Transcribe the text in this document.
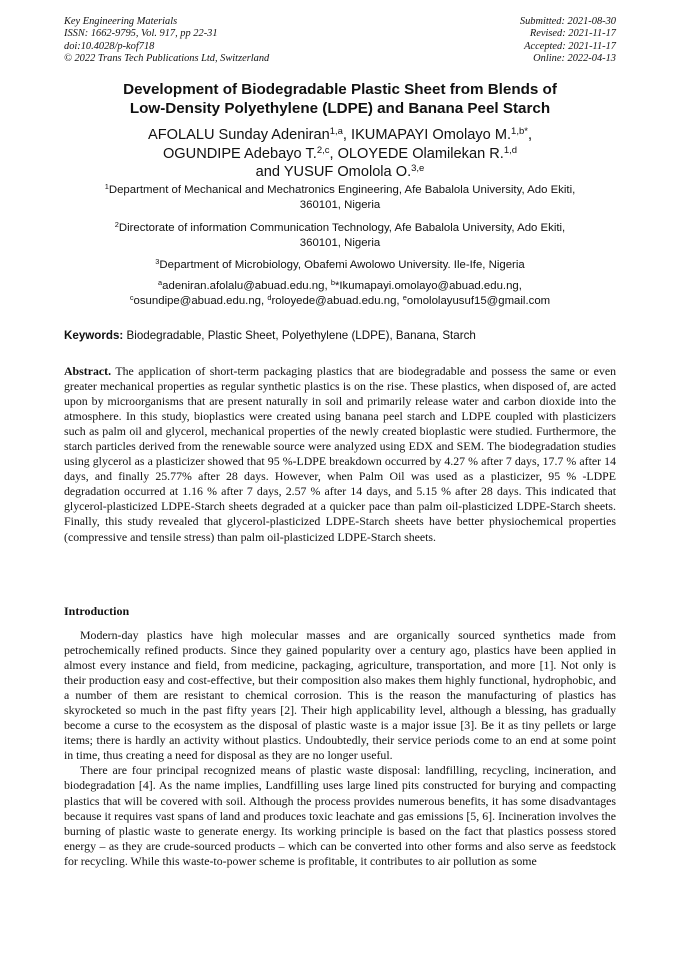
Key Engineering Materials
ISSN: 1662-9795, Vol. 917, pp 22-31
doi:10.4028/p-kof718
© 2022 Trans Tech Publications Ltd, Switzerland
Submitted: 2021-08-30
Revised: 2021-11-17
Accepted: 2021-11-17
Online: 2022-04-13
Development of Biodegradable Plastic Sheet from Blends of
Low-Density Polyethylene (LDPE) and Banana Peel Starch
AFOLALU Sunday Adeniran$^{1,a}$, IKUMAPAYI Omolayo M.$^{1,b*}$,
OGUNDIPE Adebayo T.$^{2,c}$, OLOYEDE Olamilekan R.$^{1,d}$
and YUSUF Omolola O.$^{3,e}$
$^1$Department of Mechanical and Mechatronics Engineering, Afe Babalola University, Ado Ekiti,
360101, Nigeria
$^2$Directorate of information Communication Technology, Afe Babalola University, Ado Ekiti,
360101, Nigeria
$^3$Department of Microbiology, Obafemi Awolowo University. Ile-Ife, Nigeria
$^a$adeniran.afolalu@abuad.edu.ng, $^b$*Ikumapayi.omolayo@abuad.edu.ng,
$^c$osundipe@abuad.edu.ng, $^d$roloyede@abuad.edu.ng, $^e$omololayusuf15@gmail.com
Keywords: Biodegradable, Plastic Sheet, Polyethylene (LDPE), Banana, Starch
Abstract. The application of short-term packaging plastics that are biodegradable and possess the same or even greater mechanical properties as regular synthetic plastics is on the rise. These plastics, when disposed of, are acted upon by microorganisms that are present naturally in soil and primarily release water and carbon dioxide into the atmosphere. In this study, bioplastics were created using banana peel starch and LDPE coupled with plasticizers such as palm oil and glycerol, mechanical properties of the newly created bioplastic were studied. Furthermore, the starch particles derived from the renewable source were analyzed using EDX and SEM. The biodegradation studies using glycerol as a plasticizer showed that 95 %-LDPE breakdown occurred by 4.27 % after 7 days, 17.7 % after 14 days, and finally 25.77% after 28 days. However, when Palm Oil was used as a plasticizer, 95 % -LDPE degradation occurred at 1.16 % after 7 days, 2.57 % after 14 days, and 5.15 % after 28 days. This indicated that glycerol-plasticized LDPE-Starch sheets degraded at a quicker pace than palm oil-plasticized LDPE-Starch sheets. Finally, this study revealed that glycerol-plasticized LDPE-Starch sheets have better physiochemical properties (compressive and tensile stress) than palm oil-plasticized LDPE-Starch sheets.
Introduction

Modern-day plastics have high molecular masses and are organically sourced synthetics made from petrochemically refined products. Since they gained popularity over a century ago, plastics have been applied in almost every instance and field, from medicine, packaging, agriculture, transportation, and more [1]. Not only is their production easy and cost-effective, but their composition also makes them highly functional, hydrophobic, and a number of them are resistant to chemical corrosion. This is the reason the manufacturing of plastics has skyrocketed so much in the past fifty years [2]. Their high applicability level, although a blessing, has gradually become a curse to the ecosystem as the disposal of plastic waste is a major issue [3]. Be it as tiny pellets or large items; there is hardly an activity without plastics. Undoubtedly, their service periods come to an end at some point in time, thus creating a need for disposal as they are no longer useful.

There are four principal recognized means of plastic waste disposal: landfilling, recycling, incineration, and biodegradation [4]. As the name implies, Landfilling uses large lined pits constructed for burying and compacting plastics that will be covered with soil. Although the process provides numerous benefits, it has some disadvantages because it requires vast spans of land and produces toxic leachate and gas emissions [5, 6]. Incineration involves the burning of plastic waste to generate energy. Its working principle is based on the fact that plastics possess stored energy – as they are crude-sourced products – which can be converted into other forms and also serve as feedstock for recycling. While this waste-to-power scheme is profitable, it contributes to air pollution as some
